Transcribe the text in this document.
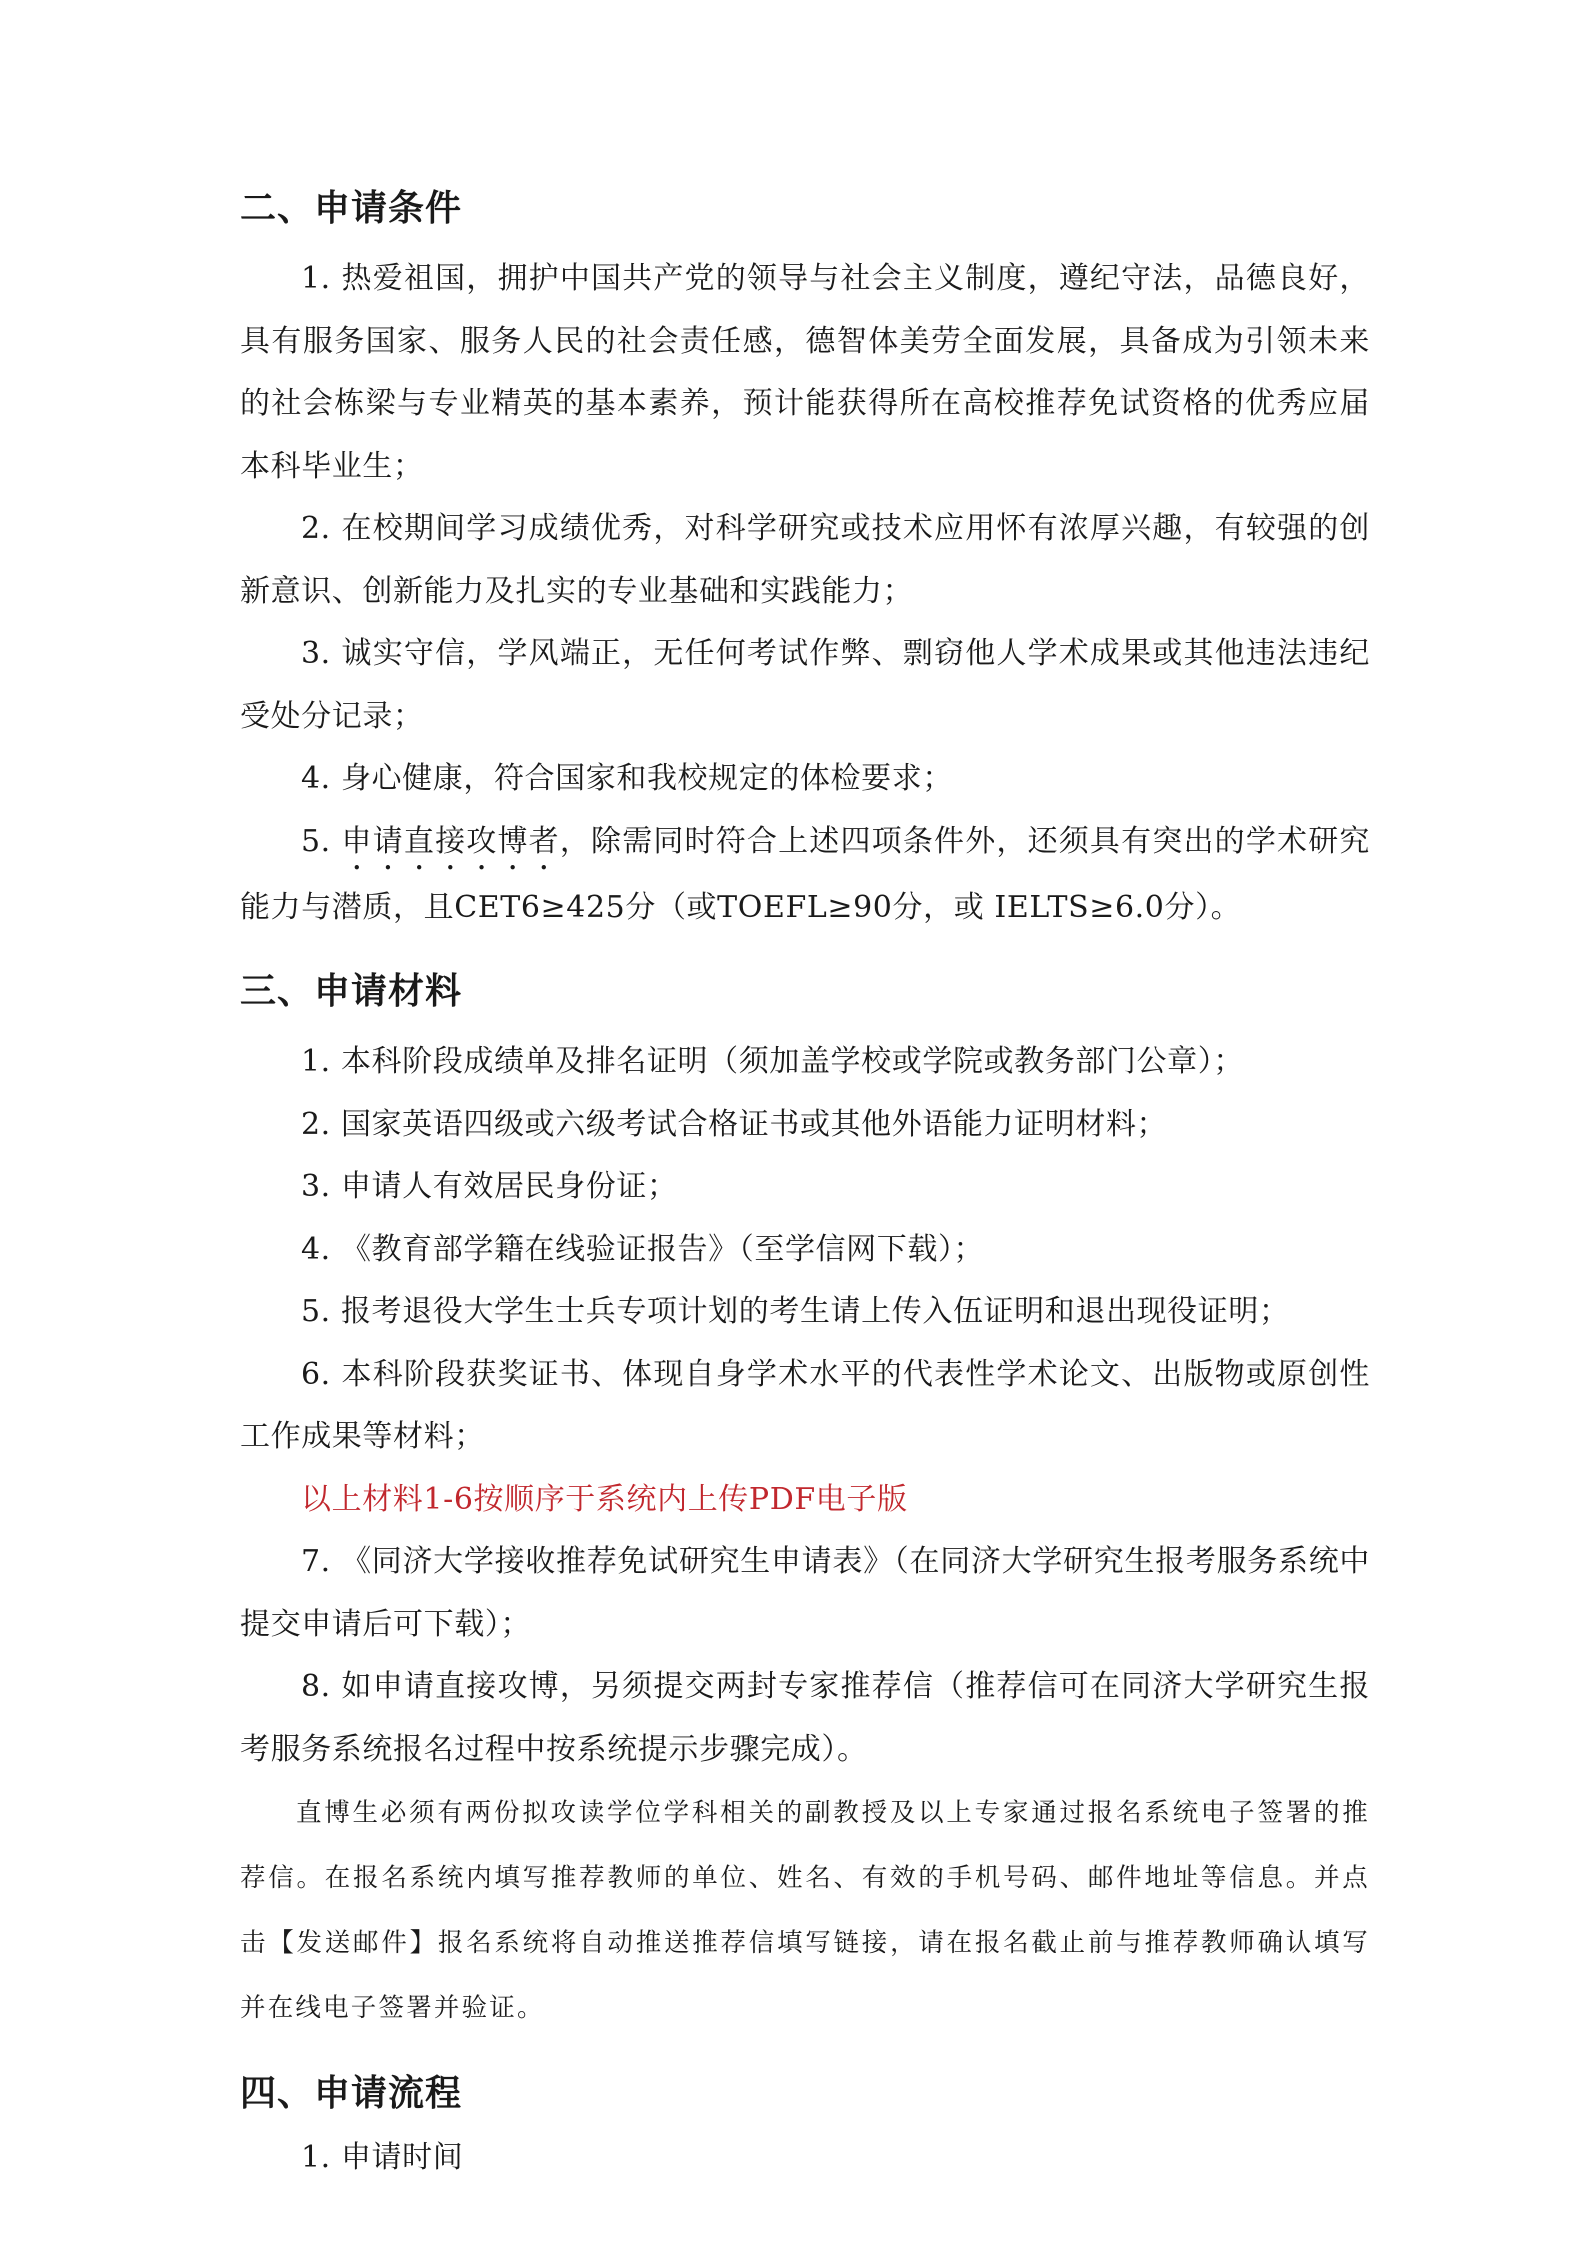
二、申请条件

1. 热爱祖国，拥护中国共产党的领导与社会主义制度，遵纪守法，品德良好，具有服务国家、服务人民的社会责任感，德智体美劳全面发展，具备成为引领未来的社会栋梁与专业精英的基本素养，预计能获得所在高校推荐免试资格的优秀应届本科毕业生；

2. 在校期间学习成绩优秀，对科学研究或技术应用怀有浓厚兴趣，有较强的创新意识、创新能力及扎实的专业基础和实践能力；

3. 诚实守信，学风端正，无任何考试作弊、剽窃他人学术成果或其他违法违纪受处分记录；

4. 身心健康，符合国家和我校规定的体检要求；

5. 申请直接攻博者，除需同时符合上述四项条件外，还须具有突出的学术研究能力与潜质，且CET6≥425分（或TOEFL≥90分，或 IELTS≥6.0分）。

三、申请材料

1. 本科阶段成绩单及排名证明（须加盖学校或学院或教务部门公章）；

2. 国家英语四级或六级考试合格证书或其他外语能力证明材料；

3. 申请人有效居民身份证；

4. 《教育部学籍在线验证报告》（至学信网下载）；

5. 报考退役大学生士兵专项计划的考生请上传入伍证明和退出现役证明；

6. 本科阶段获奖证书、体现自身学术水平的代表性学术论文、出版物或原创性工作成果等材料；

以上材料1-6按顺序于系统内上传PDF电子版

7. 《同济大学接收推荐免试研究生申请表》（在同济大学研究生报考服务系统中提交申请后可下载）；

8. 如申请直接攻博，另须提交两封专家推荐信（推荐信可在同济大学研究生报考服务系统报名过程中按系统提示步骤完成）。

直博生必须有两份拟攻读学位学科相关的副教授及以上专家通过报名系统电子签署的推荐信。在报名系统内填写推荐教师的单位、姓名、有效的手机号码、邮件地址等信息。并点击【发送邮件】报名系统将自动推送推荐信填写链接，请在报名截止前与推荐教师确认填写并在线电子签署并验证。

四、申请流程

1. 申请时间
